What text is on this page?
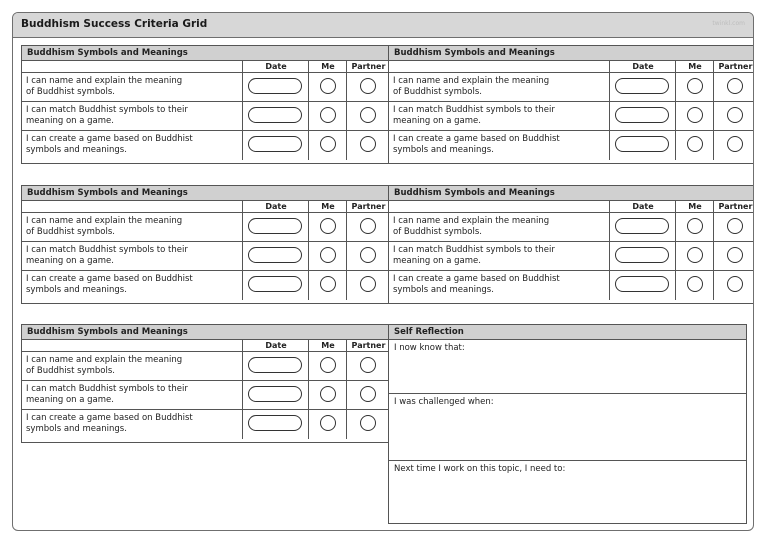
Buddhism Success Criteria Grid	twinkl.com
Buddhism Symbols and Meanings
Date	Me	Partner
I can name and explain the meaning
of Buddhist symbols.
I can match Buddhist symbols to their
meaning on a game.
I can create a game based on Buddhist
symbols and meanings.
Buddhism Symbols and Meanings
Date	Me	Partner
I can name and explain the meaning
of Buddhist symbols.
I can match Buddhist symbols to their
meaning on a game.
I can create a game based on Buddhist
symbols and meanings.
Buddhism Symbols and Meanings
Date	Me	Partner
I can name and explain the meaning
of Buddhist symbols.
I can match Buddhist symbols to their
meaning on a game.
I can create a game based on Buddhist
symbols and meanings.
Buddhism Symbols and Meanings
Date	Me	Partner
I can name and explain the meaning
of Buddhist symbols.
I can match Buddhist symbols to their
meaning on a game.
I can create a game based on Buddhist
symbols and meanings.
Buddhism Symbols and Meanings
Date	Me	Partner
I can name and explain the meaning
of Buddhist symbols.
I can match Buddhist symbols to their
meaning on a game.
I can create a game based on Buddhist
symbols and meanings.
Self Reflection
I now know that:
I was challenged when:
Next time I work on this topic, I need to:
